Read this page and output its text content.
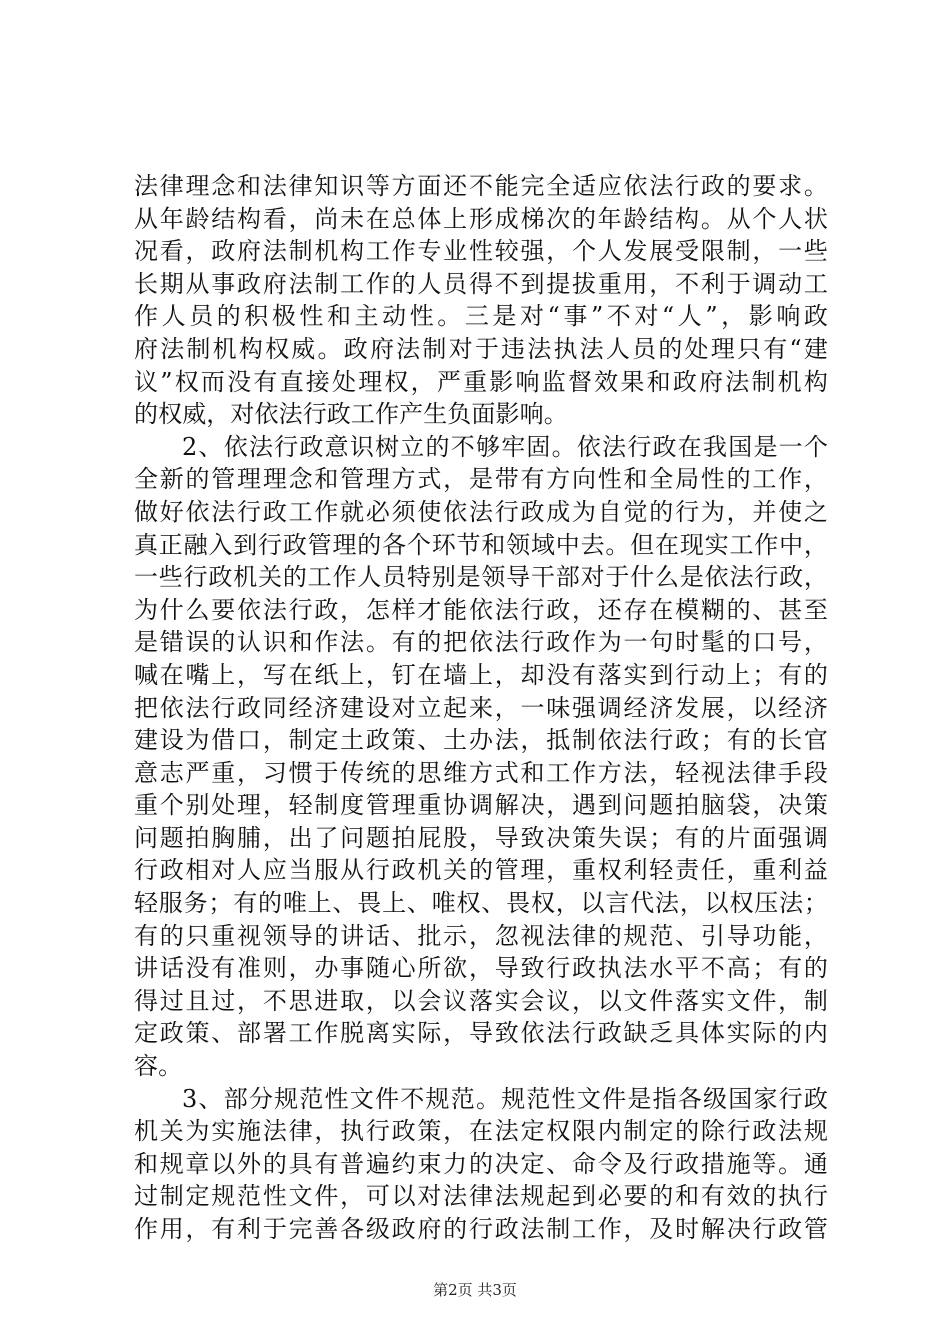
法律理念和法律知识等方面还不能完全适应依法行政的要求。
从年龄结构看，尚未在总体上形成梯次的年龄结构。从个人状
况看，政府法制机构工作专业性较强，个人发展受限制，一些
长期从事政府法制工作的人员得不到提拔重用，不利于调动工
作人员的积极性和主动性。三是对“事”不对“人”，影响政
府法制机构权威。政府法制对于违法执法人员的处理只有“建
议”权而没有直接处理权，严重影响监督效果和政府法制机构
的权威，对依法行政工作产生负面影响。
2、依法行政意识树立的不够牢固。依法行政在我国是一个
全新的管理理念和管理方式，是带有方向性和全局性的工作，
做好依法行政工作就必须使依法行政成为自觉的行为，并使之
真正融入到行政管理的各个环节和领域中去。但在现实工作中，
一些行政机关的工作人员特别是领导干部对于什么是依法行政，
为什么要依法行政，怎样才能依法行政，还存在模糊的、甚至
是错误的认识和作法。有的把依法行政作为一句时髦的口号，
喊在嘴上，写在纸上，钉在墙上，却没有落实到行动上；有的
把依法行政同经济建设对立起来，一味强调经济发展，以经济
建设为借口，制定土政策、土办法，抵制依法行政；有的长官
意志严重，习惯于传统的思维方式和工作方法，轻视法律手段
重个别处理，轻制度管理重协调解决，遇到问题拍脑袋，决策
问题拍胸脯，出了问题拍屁股，导致决策失误；有的片面强调
行政相对人应当服从行政机关的管理，重权利轻责任，重利益
轻服务；有的唯上、畏上、唯权、畏权，以言代法，以权压法；
有的只重视领导的讲话、批示，忽视法律的规范、引导功能，
讲话没有准则，办事随心所欲，导致行政执法水平不高；有的
得过且过，不思进取，以会议落实会议，以文件落实文件，制
定政策、部署工作脱离实际，导致依法行政缺乏具体实际的内
容。
3、部分规范性文件不规范。规范性文件是指各级国家行政
机关为实施法律，执行政策，在法定权限内制定的除行政法规
和规章以外的具有普遍约束力的决定、命令及行政措施等。通
过制定规范性文件，可以对法律法规起到必要的和有效的执行
作用，有利于完善各级政府的行政法制工作，及时解决行政管
第2页 共3页
